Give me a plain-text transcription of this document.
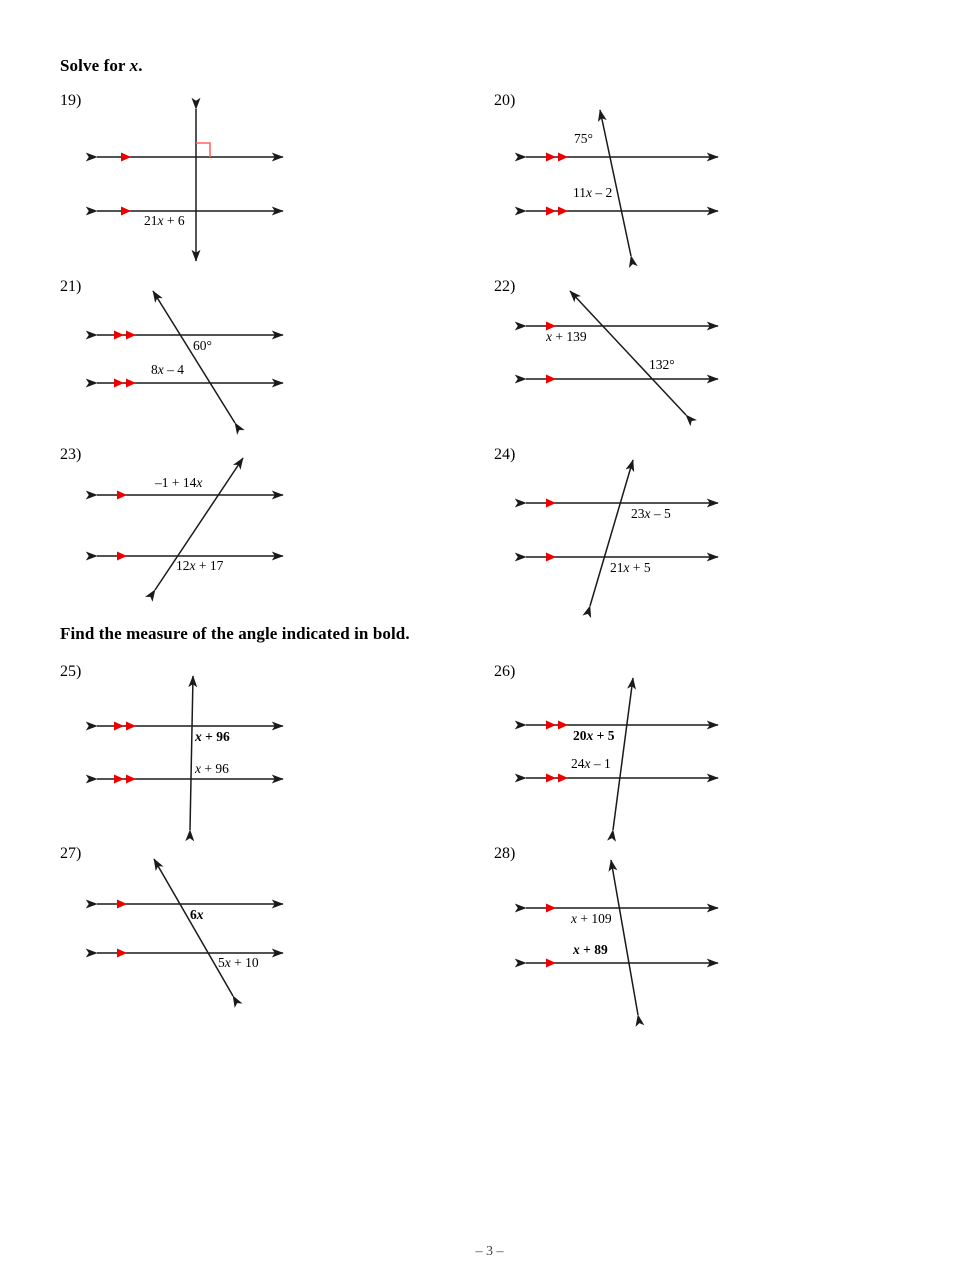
Solve for x.
19)
21x + 6
20)
75°
11x – 2
21)
60°
8x – 4
22)
x + 139
132°
23)
–1 + 14x
12x + 17
24)
23x – 5
21x + 5
Find the measure of the angle indicated in bold.
25)
x + 96
x + 96
26)
20x + 5
24x – 1
27)
6x
5x + 10
28)
x + 109
x + 89
– 3 –
